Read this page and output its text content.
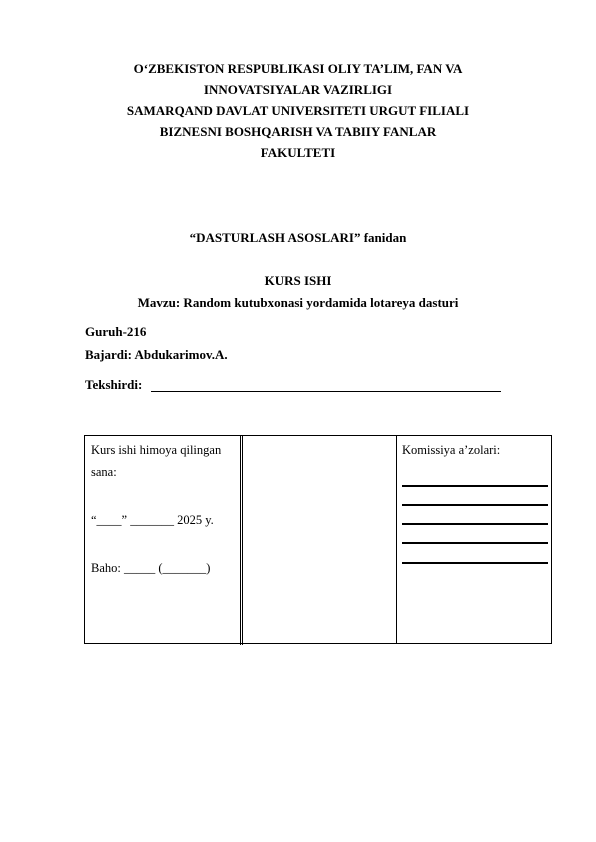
O‘ZBEKISTON RESPUBLIKASI OLIY TA’LIM, FAN VA
INNOVATSIYALAR VAZIRLIGI
SAMARQAND DAVLAT UNIVERSITETI URGUT FILIALI
BIZNESNI BOSHQARISH VA TABIIY FANLAR
FAKULTETI
“DASTURLASH ASOSLARI” fanidan
KURS ISHI
Mavzu: Random kutubxonasi yordamida lotareya dasturi
Guruh-216
Bajardi: Abdukarimov.A.
Tekshirdi:
Kurs ishi himoya qilingan
sana:
“____” _______ 2025 y.
Baho: _____ (_______)
Komissiya a’zolari:
